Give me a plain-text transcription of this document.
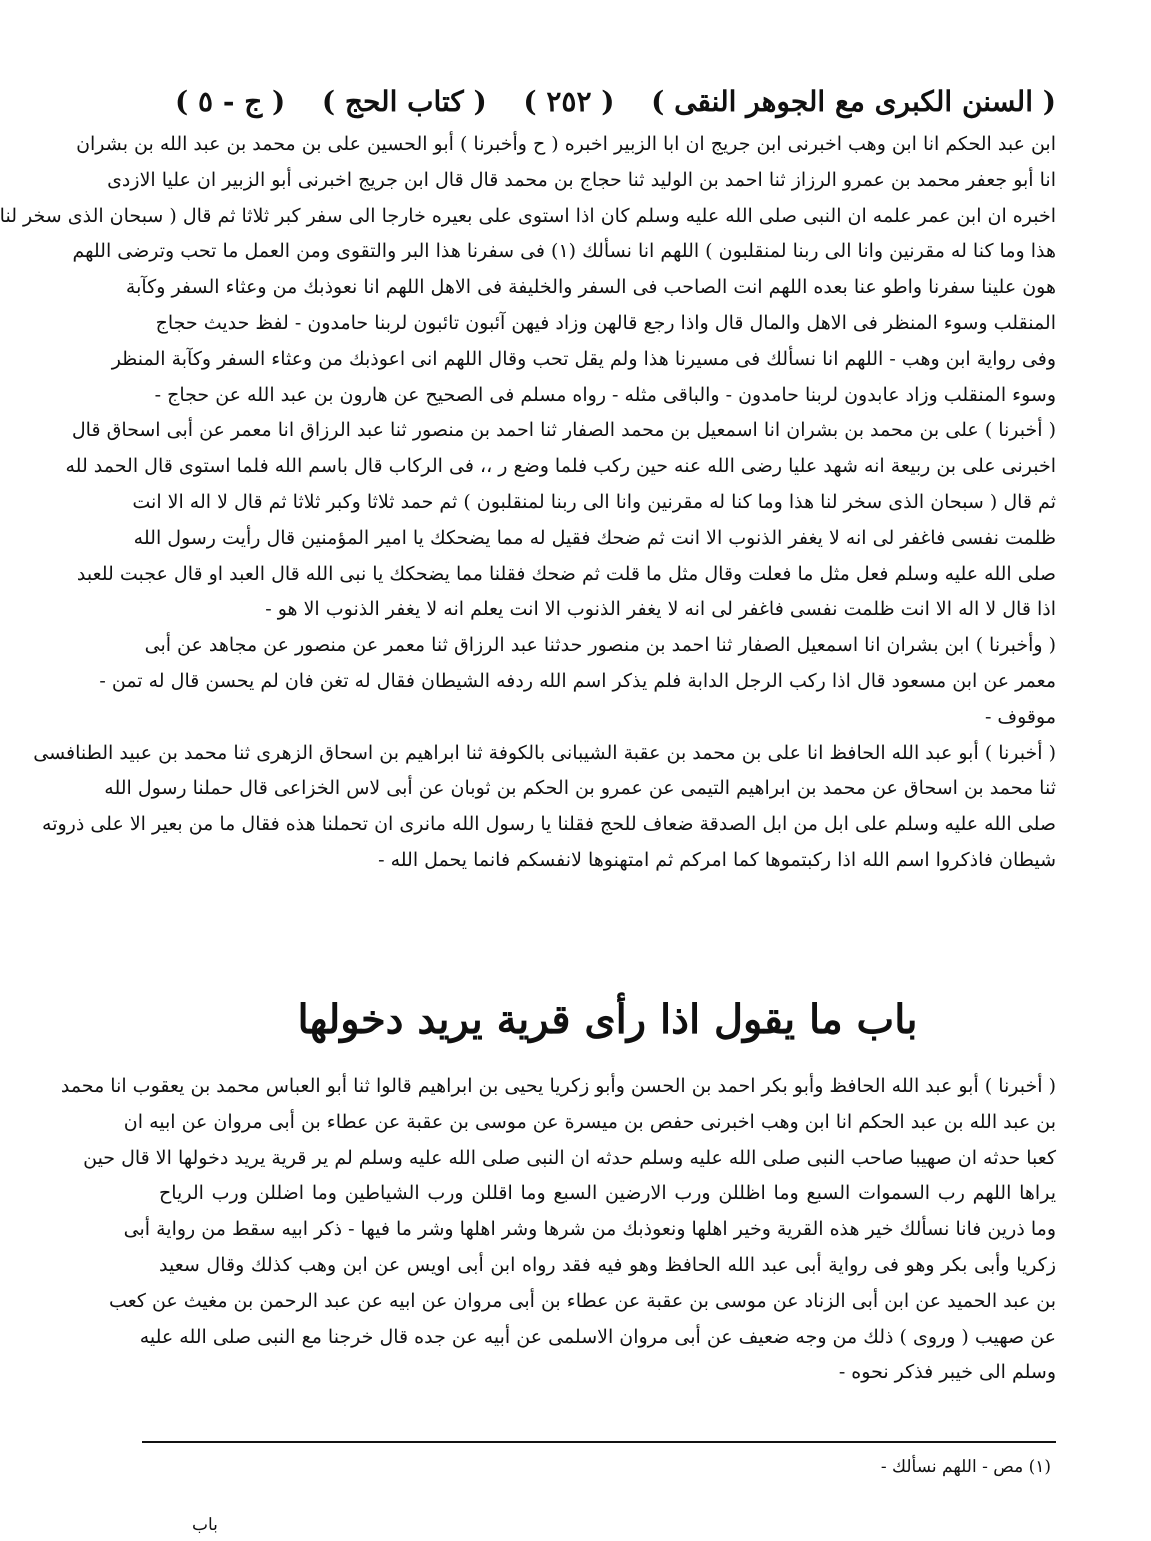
( السنن الكبرى مع الجوهر النقى )
( ٢٥٢ )
( كتاب الحج )
( ج - ٥ )
ابن عبد الحكم انا ابن وهب اخبرنى ابن جريج ان ابا الزبير اخبره ( ح وأخبرنا ) أبو الحسين على بن محمد بن عبد الله بن بشران
انا أبو جعفر محمد بن عمرو الرزاز ثنا احمد بن الوليد ثنا حجاج بن محمد قال قال ابن جريج اخبرنى أبو الزبير ان عليا الازدى
اخبره ان ابن عمر علمه ان النبى صلى الله عليه وسلم كان اذا استوى على بعيره خارجا الى سفر كبر ثلاثا ثم قال ( سبحان الذى سخر لنا
هذا وما كنا له مقرنين وانا الى ربنا لمنقلبون ) اللهم انا نسألك (١) فى سفرنا هذا البر والتقوى ومن العمل ما تحب وترضى اللهم
هون علينا سفرنا واطو عنا بعده اللهم انت الصاحب فى السفر والخليفة فى الاهل اللهم انا نعوذبك من وعثاء السفر وكآبة
المنقلب وسوء المنظر فى الاهل والمال قال واذا رجع قالهن وزاد فيهن آئبون تائبون لربنا حامدون - لفظ حديث حجاج
وفى رواية ابن وهب - اللهم انا نسألك فى مسيرنا هذا ولم يقل تحب وقال اللهم انى اعوذبك من وعثاء السفر وكآبة المنظر
وسوء المنقلب وزاد عابدون لربنا حامدون - والباقى مثله - رواه مسلم فى الصحيح عن هارون بن عبد الله عن حجاج -
( أخبرنا ) على بن محمد بن بشران انا اسمعيل بن محمد الصفار ثنا احمد بن منصور ثنا عبد الرزاق انا معمر عن أبى اسحاق قال
اخبرنى على بن ربيعة انه شهد عليا رضى الله عنه حين ركب فلما وضع ر ،، فى الركاب قال باسم الله فلما استوى قال الحمد لله
ثم قال ( سبحان الذى سخر لنا هذا وما كنا له مقرنين وانا الى ربنا لمنقلبون ) ثم حمد ثلاثا وكبر ثلاثا ثم قال لا اله الا انت
ظلمت نفسى فاغفر لى انه لا يغفر الذنوب الا انت ثم ضحك فقيل له مما يضحكك يا امير المؤمنين قال رأيت رسول الله
صلى الله عليه وسلم فعل مثل ما فعلت وقال مثل ما قلت ثم ضحك فقلنا مما يضحكك يا نبى الله قال العبد او قال عجبت للعبد
اذا قال لا اله الا انت ظلمت نفسى فاغفر لى انه لا يغفر الذنوب الا انت يعلم انه لا يغفر الذنوب الا هو -
( وأخبرنا ) ابن بشران انا اسمعيل الصفار ثنا احمد بن منصور حدثنا عبد الرزاق ثنا معمر عن منصور عن مجاهد عن أبى
معمر عن ابن مسعود قال اذا ركب الرجل الدابة فلم يذكر اسم الله ردفه الشيطان فقال له تغن فان لم يحسن قال له تمن -
موقوف -
( أخبرنا ) أبو عبد الله الحافظ انا على بن محمد بن عقبة الشيبانى بالكوفة ثنا ابراهيم بن اسحاق الزهرى ثنا محمد بن عبيد الطنافسى
ثنا محمد بن اسحاق عن محمد بن ابراهيم التيمى عن عمرو بن الحكم بن ثوبان عن أبى لاس الخزاعى قال حملنا رسول الله
صلى الله عليه وسلم على ابل من ابل الصدقة ضعاف للحج فقلنا يا رسول الله مانرى ان تحملنا هذه فقال ما من بعير الا على ذروته
شيطان فاذكروا اسم الله اذا ركبتموها كما امركم ثم امتهنوها لانفسكم فانما يحمل الله -
باب ما يقول اذا رأى قرية يريد دخولها
( أخبرنا ) أبو عبد الله الحافظ وأبو بكر احمد بن الحسن وأبو زكريا يحيى بن ابراهيم قالوا ثنا أبو العباس محمد بن يعقوب انا محمد
بن عبد الله بن عبد الحكم انا ابن وهب اخبرنى حفص بن ميسرة عن موسى بن عقبة عن عطاء بن أبى مروان عن ابيه ان
كعبا حدثه ان صهيبا صاحب النبى صلى الله عليه وسلم حدثه ان النبى صلى الله عليه وسلم لم ير قرية يريد دخولها الا قال حين
يراها اللهم رب السموات السبع وما اظللن ورب الارضين السبع وما اقللن ورب الشياطين وما اضللن ورب الرياح
وما ذرين فانا نسألك خير هذه القرية وخير اهلها ونعوذبك من شرها وشر اهلها وشر ما فيها - ذكر ابيه سقط من رواية أبى
زكريا وأبى بكر وهو فى رواية أبى عبد الله الحافظ وهو فيه فقد رواه ابن أبى اويس عن ابن وهب كذلك وقال سعيد
بن عبد الحميد عن ابن أبى الزناد عن موسى بن عقبة عن عطاء بن أبى مروان عن ابيه عن عبد الرحمن بن مغيث عن كعب
عن صهيب ( وروى ) ذلك من وجه ضعيف عن أبى مروان الاسلمى عن أبيه عن جده قال خرجنا مع النبى صلى الله عليه
وسلم الى خيبر فذكر نحوه -
(١) مص - اللهم نسألك -
باب
